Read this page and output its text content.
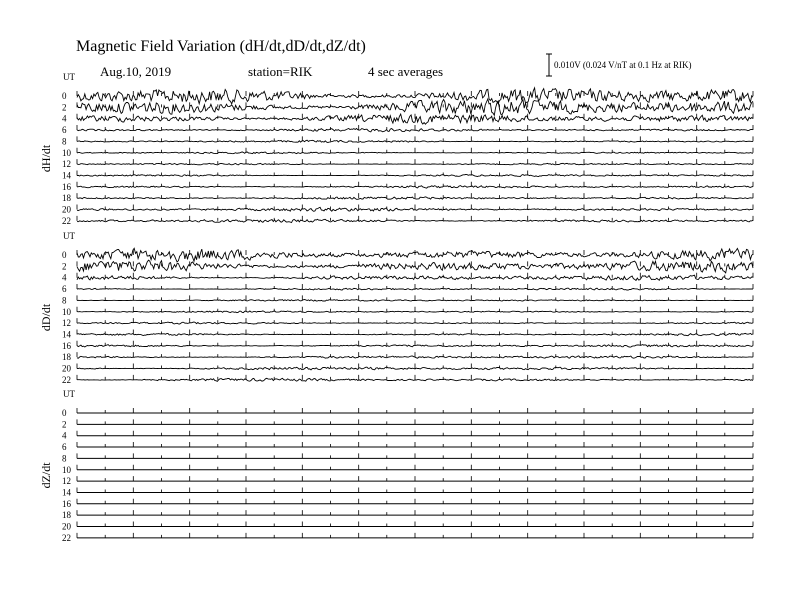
Magnetic Field Variation (dH/dt,dD/dt,dZ/dt)
Aug.10, 2019	station=RIK	4 sec averages	0.010V (0.024 V/nT at 0.1 Hz at RIK)
UT
dH/dt
0
2
4
6
8
10
12
14
16
18
20
22
UT
dD/dt
0
2
4
6
8
10
12
14
16
18
20
22
UT
dZ/dt
0
2
4
6
8
10
12
14
16
18
20
22
